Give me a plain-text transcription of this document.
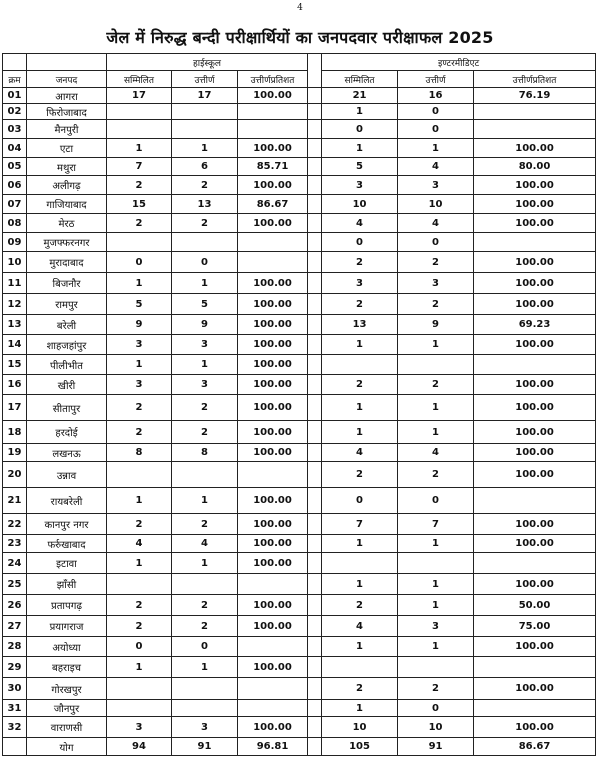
4
जेल में निरुद्ध बन्दी परीक्षार्थियों का जनपदवार परीक्षाफल 2025
		हाईस्कूल				इण्टरमीडिएट		
क्रम	जनपद	सम्मिलित	उत्तीर्ण	उत्तीर्णप्रतिशत		सम्मिलित	उत्तीर्ण	उत्तीर्णप्रतिशत
01	आगरा	17	17	100.00		21	16	76.19
02	फिरोजाबाद					1	0	
03	मैनपुरी					0	0	
04	एटा	1	1	100.00		1	1	100.00
05	मथुरा	7	6	85.71		5	4	80.00
06	अलीगढ़	2	2	100.00		3	3	100.00
07	गाजियाबाद	15	13	86.67		10	10	100.00
08	मेरठ	2	2	100.00		4	4	100.00
09	मुजफ्फरनगर					0	0	
10	मुरादाबाद	0	0			2	2	100.00
11	बिजनौर	1	1	100.00		3	3	100.00
12	रामपुर	5	5	100.00		2	2	100.00
13	बरेली	9	9	100.00		13	9	69.23
14	शाहजहांपुर	3	3	100.00		1	1	100.00
15	पीलीभीत	1	1	100.00				
16	खीरी	3	3	100.00		2	2	100.00
17	सीतापुर	2	2	100.00		1	1	100.00
18	हरदोई	2	2	100.00		1	1	100.00
19	लखनऊ	8	8	100.00		4	4	100.00
20	उन्नाव					2	2	100.00
21	रायबरेली	1	1	100.00		0	0	
22	कानपुर नगर	2	2	100.00		7	7	100.00
23	फर्रुखाबाद	4	4	100.00		1	1	100.00
24	इटावा	1	1	100.00				
25	झाँसी					1	1	100.00
26	प्रतापगढ़	2	2	100.00		2	1	50.00
27	प्रयागराज	2	2	100.00		4	3	75.00
28	अयोध्या	0	0			1	1	100.00
29	बहराइच	1	1	100.00				
30	गोरखपुर					2	2	100.00
31	जौनपुर					1	0	
32	वाराणसी	3	3	100.00		10	10	100.00
	योग	94	91	96.81		105	91	86.67
